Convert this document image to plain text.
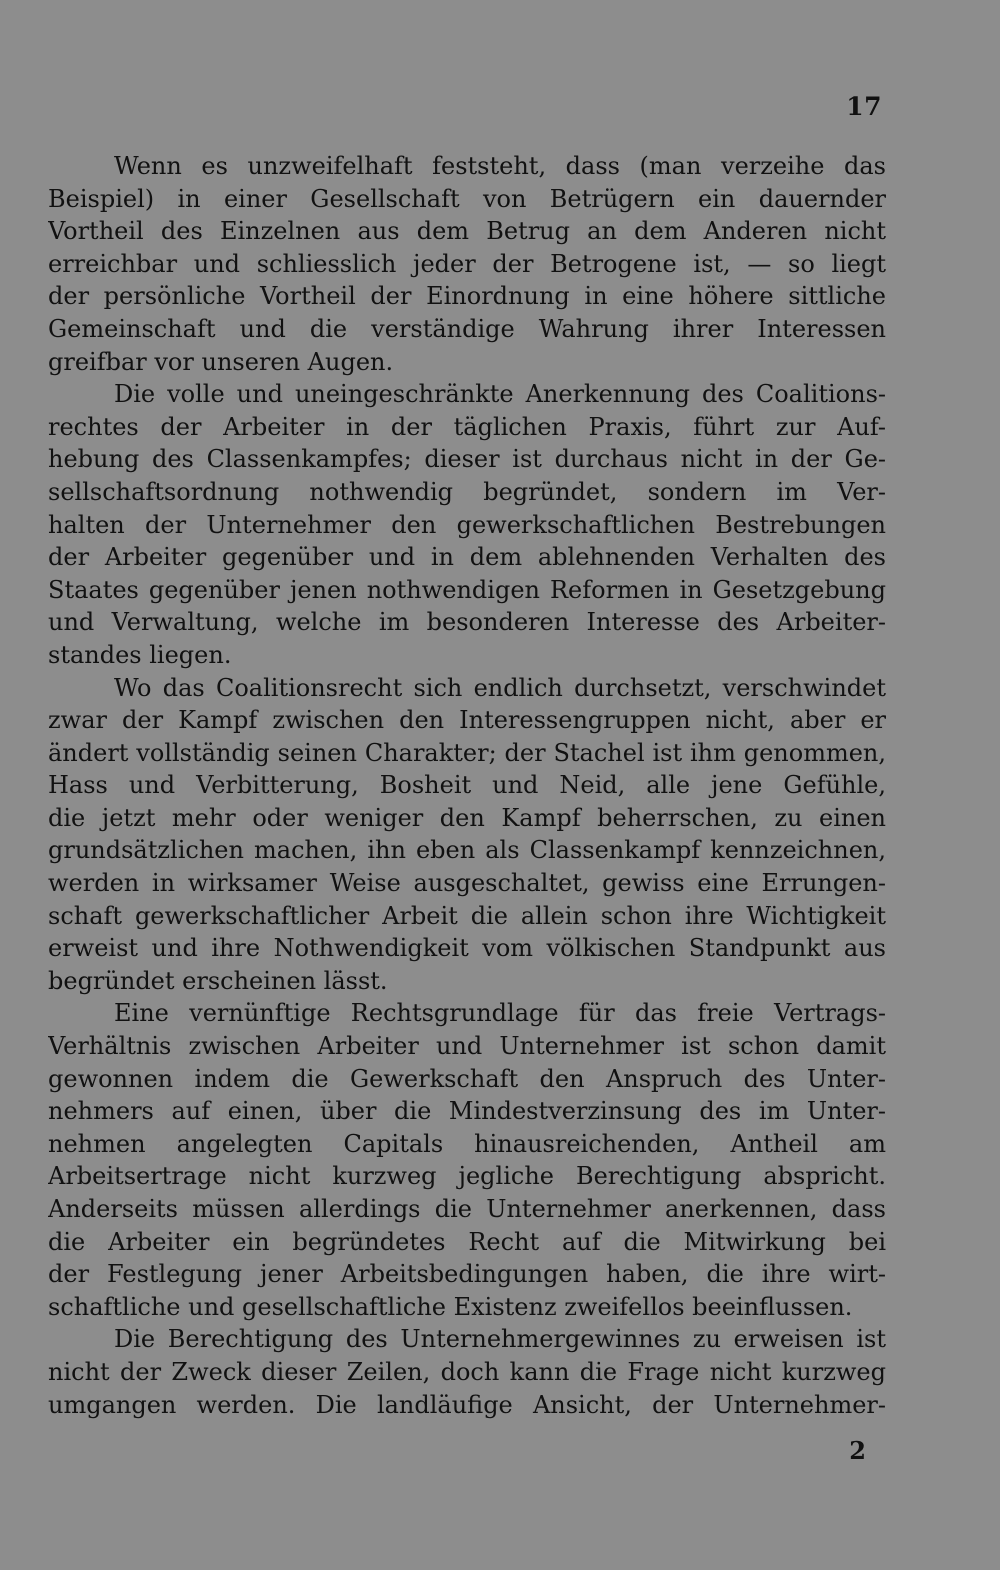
17
Wenn es unzweifelhaft feststeht, dass (man verzeihe das
Beispiel) in einer Gesellschaft von Betrügern ein dauernder
Vortheil des Einzelnen aus dem Betrug an dem Anderen nicht
erreichbar und schliesslich jeder der Betrogene ist, — so liegt
der persönliche Vortheil der Einordnung in eine höhere sittliche
Gemeinschaft und die verständige Wahrung ihrer Interessen
greifbar vor unseren Augen.
Die volle und uneingeschränkte Anerkennung des Coalitions-
rechtes der Arbeiter in der täglichen Praxis, führt zur Auf-
hebung des Classenkampfes; dieser ist durchaus nicht in der Ge-
sellschaftsordnung nothwendig begründet, sondern im Ver-
halten der Unternehmer den gewerkschaftlichen Bestrebungen
der Arbeiter gegenüber und in dem ablehnenden Verhalten des
Staates gegenüber jenen nothwendigen Reformen in Gesetzgebung
und Verwaltung, welche im besonderen Interesse des Arbeiter-
standes liegen.
Wo das Coalitionsrecht sich endlich durchsetzt, verschwindet
zwar der Kampf zwischen den Interessengruppen nicht, aber er
ändert vollständig seinen Charakter; der Stachel ist ihm genommen,
Hass und Verbitterung, Bosheit und Neid, alle jene Gefühle,
die jetzt mehr oder weniger den Kampf beherrschen, zu einen
grundsätzlichen machen, ihn eben als Classenkampf kennzeichnen,
werden in wirksamer Weise ausgeschaltet, gewiss eine Errungen-
schaft gewerkschaftlicher Arbeit die allein schon ihre Wichtigkeit
erweist und ihre Nothwendigkeit vom völkischen Standpunkt aus
begründet erscheinen lässt.
Eine vernünftige Rechtsgrundlage für das freie Vertrags-
Verhältnis zwischen Arbeiter und Unternehmer ist schon damit
gewonnen indem die Gewerkschaft den Anspruch des Unter-
nehmers auf einen, über die Mindestverzinsung des im Unter-
nehmen angelegten Capitals hinausreichenden, Antheil am
Arbeitsertrage nicht kurzweg jegliche Berechtigung abspricht.
Anderseits müssen allerdings die Unternehmer anerkennen, dass
die Arbeiter ein begründetes Recht auf die Mitwirkung bei
der Festlegung jener Arbeitsbedingungen haben, die ihre wirt-
schaftliche und gesellschaftliche Existenz zweifellos beeinflussen.
Die Berechtigung des Unternehmergewinnes zu erweisen ist
nicht der Zweck dieser Zeilen, doch kann die Frage nicht kurzweg
umgangen werden. Die landläufige Ansicht, der Unternehmer-
2
